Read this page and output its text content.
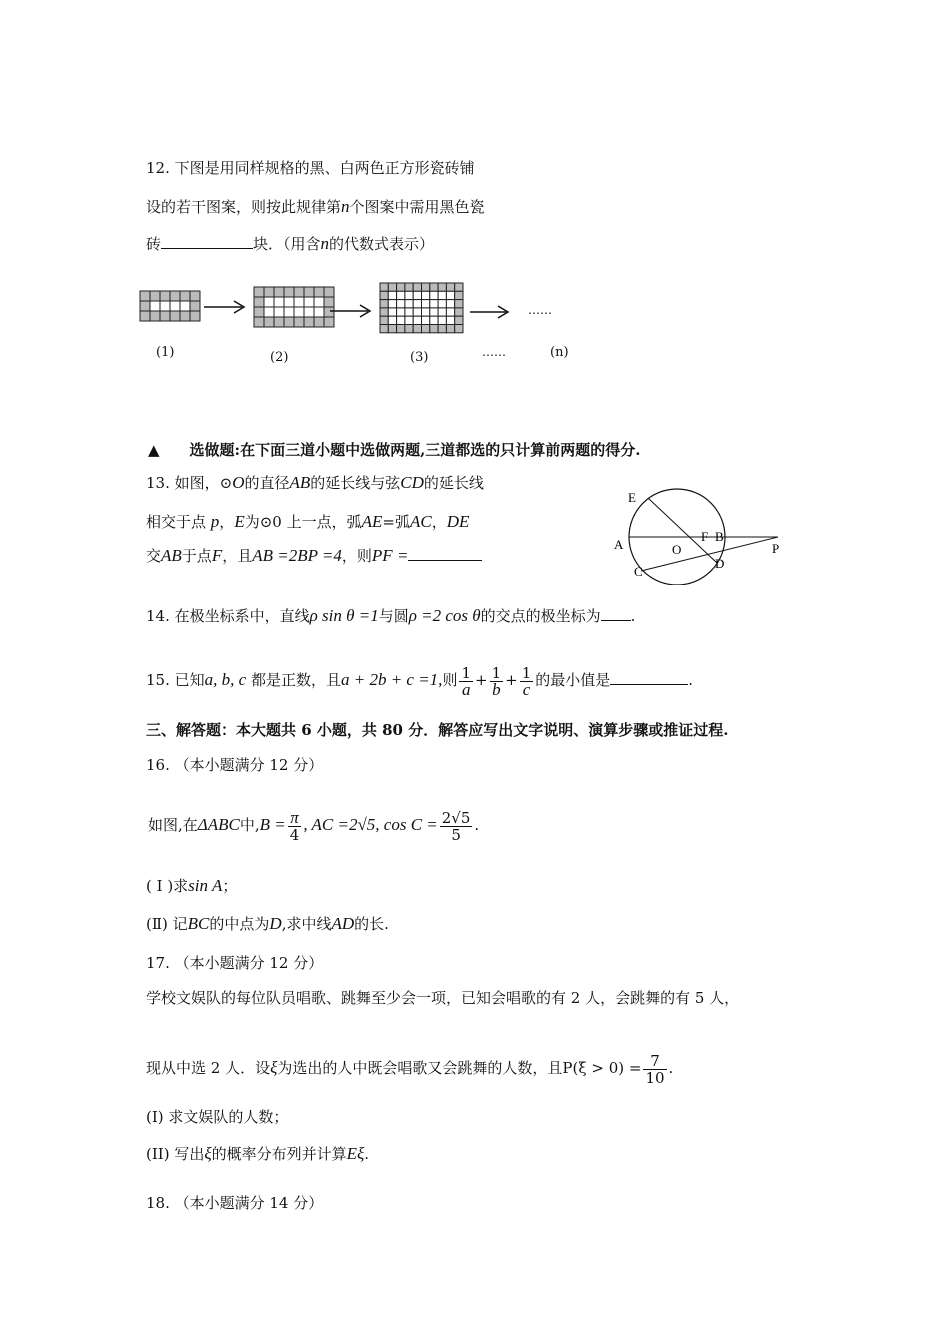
12. 下图是用同样规格的黑、白两色正方形瓷砖铺
设的若干图案，则按此规律第n个图案中需用黑色瓷
砖	块．（用含n的代数式表示）
……
(1)	(2)	(3)	……	(n)
▲ 选做题:在下面三道小题中选做两题,三道都选的只计算前两题的得分.
13. 如图，⊙O的直径AB的延长线与弦CD的延长线
相交于点 p，E为⊙0 上一点，弧AE=弧AC，DE
交AB于点F，且AB =2BP =4，则PF =
E
A	O
F B
P
C
D
14. 在极坐标系中，直线ρ sin θ =1与圆ρ =2 cos θ的交点的极坐标为 .
15. 已知a, b, c 都是正数，且a + 2b + c =1,则 $\frac{1}{a} + \frac{1}{b} + \frac{1}{c}$ 的最小值是	.
三、解答题：本大题共 6 小题，共 80 分．解答应写出文字说明、演算步骤或推证过程.
16. （本小题满分 12 分）
如图,在ΔABC中$,B = \frac{\pi}{4}$ , AC =2√5, $\cos C = \frac{2√5}{5}$ .
( Ⅰ )求sin A；
(Ⅱ) 记BC的中点为D,求中线AD的长.
17. （本小题满分 12 分）
学校文娱队的每位队员唱歌、跳舞至少会一项，已知会唱歌的有 2 人，会跳舞的有 5 人，
现从中选 2 人．设ξ为选出的人中既会唱歌又会跳舞的人数，且$P(\xi > 0) = \frac{7}{10}$ .
(I) 求文娱队的人数；
(II) 写出ξ的概率分布列并计算Eξ.
18. （本小题满分 14 分）
